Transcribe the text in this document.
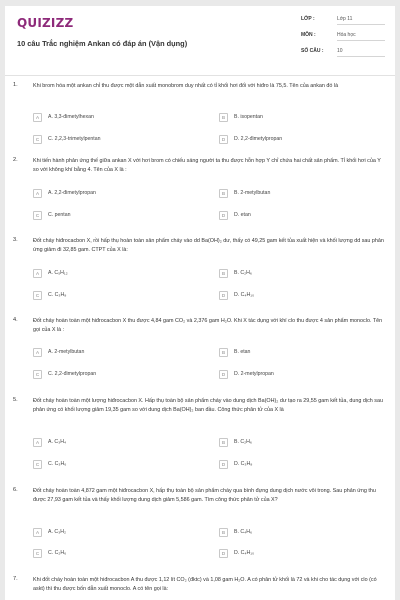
QUIZIZZ
10 câu Trắc nghiệm Ankan có đáp án (Vận dụng)
LỚP :	Lớp 11
MÔN :	Hóa học
SỐ CÂU :	10
1.	Khi brom hóa một ankan chỉ thu được một dẫn xuất monobrom duy nhất có tỉ khối hơi đối với hiđro là 75,5. Tên của ankan đó là
A	A. 3,3-đimetylhexan	B	B. isopentan
C	C. 2,2,3-trimetylpentan	D	D. 2,2-đimetylpropan
2.	Khi tiến hành phản ứng thế giữa ankan X với hơi brom có chiếu sáng người ta thu được hỗn hợp Y chỉ chứa hai chất sản phẩm. Tỉ khối hơi của Y so với không khí bằng 4. Tên của X là :
A	A. 2,2-đimetylpropan	B	B. 2-metylbutan
C	C. pentan	D	D. etan
3.	Đốt cháy hiđrocacbon X, rồi hấp thụ hoàn toàn sản phẩm cháy vào dd Ba(OH)₂ dư, thấy có 49,25 gam kết tủa xuất hiện và khối lượng dd sau phản ứng giảm đi 32,85 gam. CTPT của X là:
A	A. C₅H₁₂	B	B. C₂H₆
C	C. C₃H₈	D	D. C₄H₁₀
4.	Đốt cháy hoàn toàn một hiđrocacbon X thu được 4,84 gam CO₂ và 2,376 gam H₂O. Khi X tác dụng với khí clo thu được 4 sản phẩm monoclo. Tên gọi của X là :
A	A. 2-metylbutan	B	B. etan
C	C. 2,2-đimetylpropan	D	D. 2-metylpropan
5.	Đốt cháy hoàn toàn một lượng hiđrocacbon X. Hấp thụ toàn bộ sản phẩm cháy vào dung dịch Ba(OH)₂ dư tạo ra 29,55 gam kết tủa, dung dịch sau phản ứng có khối lượng giảm 19,35 gam so với dung dịch Ba(OH)₂ ban đầu. Công thức phân tử của X là
A	A. C₃H₄	B	B. C₂H₆
C	C. C₃H₆	D	D. C₃H₈
6.	Đốt cháy hoàn toàn 4,872 gam một hiđrocacbon X, hấp thụ toàn bộ sản phẩm cháy qua bình đựng dung dịch nước vôi trong. Sau phản ứng thu được 27,93 gam kết tủa và thấy khối lượng dung dịch giảm 5,586 gam. Tìm công thức phân tử của X?
A	A. C₃H₂	B	B. C₄H₆
C	C. C₂H₆	D	D. C₄H₁₀
7.	Khi đốt cháy hoàn toàn một hiđrocacbon A thu được 1,12 lít CO₂ (đktc) và 1,08 gam H₂O. A có phân tử khối là 72 và khi cho tác dụng với clo (có askt) thì thu được bốn dẫn xuất monoclo. A có tên gọi là:
